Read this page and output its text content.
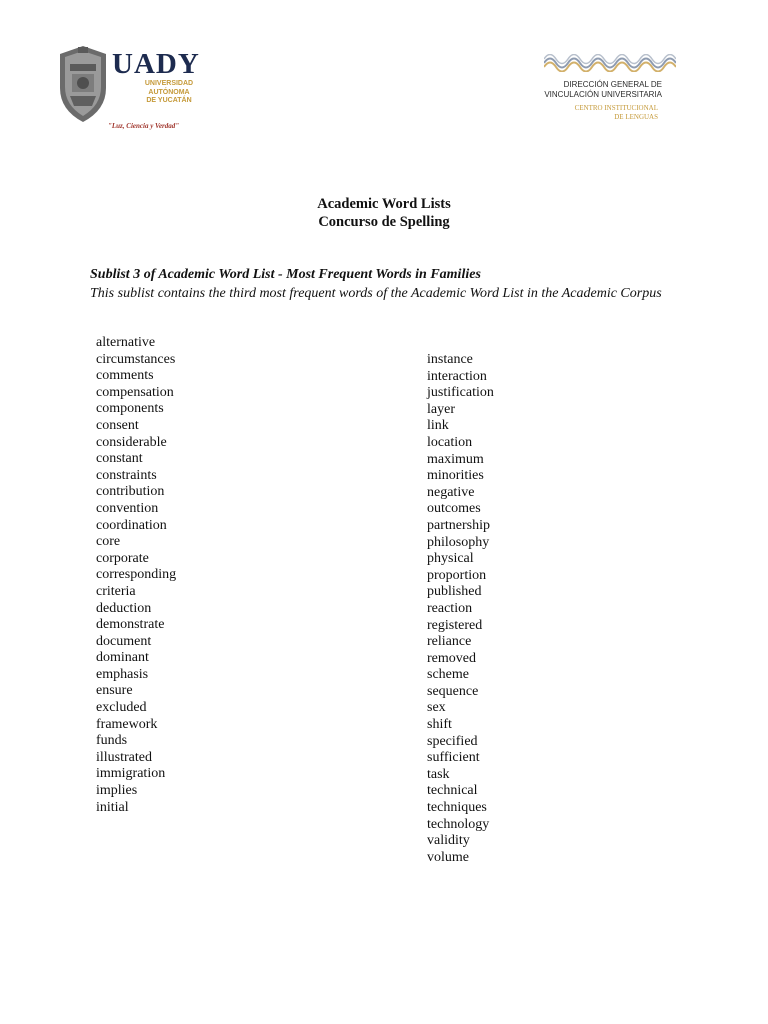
UADY
UNIVERSIDAD
AUTÓNOMA
DE YUCATÁN
"Luz, Ciencia y Verdad"
DIRECCIÓN GENERAL DE
VINCULACIÓN UNIVERSITARIA
CENTRO INSTITUCIONAL
DE LENGUAS
Academic Word Lists
Concurso de Spelling
Sublist 3 of Academic Word List - Most Frequent Words in Families
This sublist contains the third most frequent words of the Academic Word List in the Academic Corpus
alternative
circumstances
comments
compensation
components
consent
considerable
constant
constraints
contribution
convention
coordination
core
corporate
corresponding
criteria
deduction
demonstrate
document
dominant
emphasis
ensure
excluded
framework
funds
illustrated
immigration
implies
initial
instance
interaction
justification
layer
link
location
maximum
minorities
negative
outcomes
partnership
philosophy
physical
proportion
published
reaction
registered
reliance
removed
scheme
sequence
sex
shift
specified
sufficient
task
technical
techniques
technology
validity
volume
